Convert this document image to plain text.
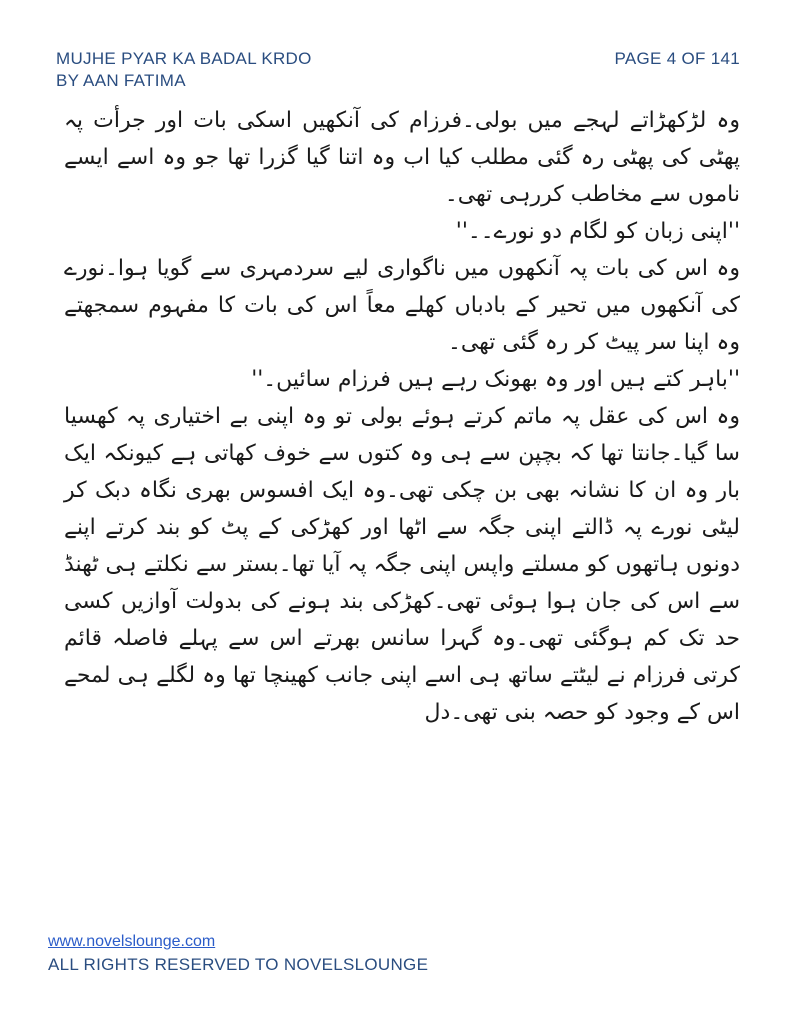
MUJHE PYAR KA BADAL KRDO
BY AAN FATIMA
PAGE 4 OF 141

وہ لڑکھڑاتے لہجے میں بولی۔فرزام کی آنکھیں اسکی بات اور جرأت پہ پھٹی کی پھٹی رہ گئی مطلب کیا اب وہ اتنا گیا گزرا تھا جو وہ اسے ایسے ناموں سے مخاطب کررہی تھی۔

''اپنی زبان کو لگام دو نورے۔۔''

وہ اس کی بات پہ آنکھوں میں ناگواری لیے سردمہری سے گویا ہوا۔نورے کی آنکھوں میں تحیر کے بادباں کھلے معاً اس کی بات کا مفہوم سمجھتے وہ اپنا سر پیٹ کر رہ گئی تھی۔

''باہر کتے ہیں اور وہ بھونک رہے ہیں فرزام سائیں۔''

وہ اس کی عقل پہ ماتم کرتے ہوئے بولی تو وہ اپنی بے اختیاری پہ کھسیا سا گیا۔جانتا تھا کہ بچپن سے ہی وہ کتوں سے خوف کھاتی ہے کیونکہ ایک بار وہ ان کا نشانہ بھی بن چکی تھی۔وہ ایک افسوس بھری نگاہ دبک کر لیٹی نورے پہ ڈالتے اپنی جگہ سے اٹھا اور کھڑکی کے پٹ کو بند کرتے اپنے دونوں ہاتھوں کو مسلتے واپس اپنی جگہ پہ آیا تھا۔بستر سے نکلتے ہی ٹھنڈ سے اس کی جان ہوا ہوئی تھی۔کھڑکی بند ہونے کی بدولت آوازیں کسی حد تک کم ہوگئی تھی۔وہ گہرا سانس بھرتے اس سے پہلے فاصلہ قائم کرتی فرزام نے لیٹتے ساتھ ہی اسے اپنی جانب کھینچا تھا وہ لگلے ہی لمحے اس کے وجود کو حصہ بنی تھی۔دل

www.novelslounge.com
ALL RIGHTS RESERVED TO NOVELSLOUNGE
